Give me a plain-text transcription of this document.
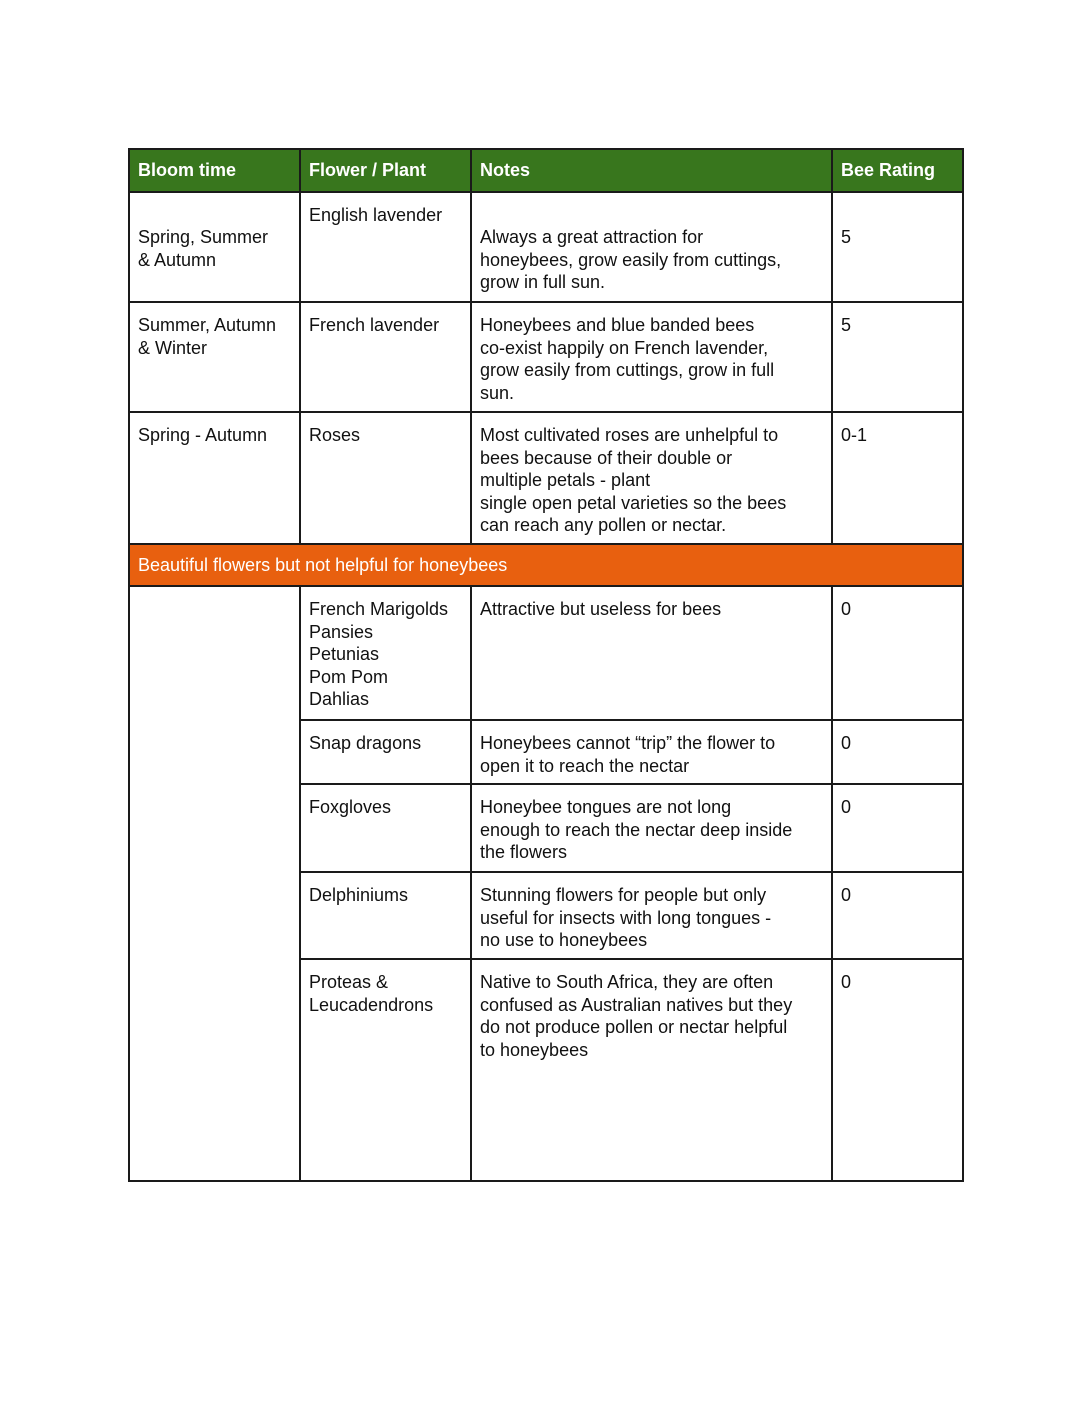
Bloom time	Flower / Plant	Notes	Bee Rating
Spring, Summer
& Autumn	English lavender	Always a great attraction for
honeybees, grow easily from cuttings,
grow in full sun.	5
Summer, Autumn
& Winter	French lavender	Honeybees and blue banded bees
co-exist happily on French lavender,
grow easily from cuttings, grow in full
sun.	5
Spring - Autumn	Roses	Most cultivated roses are unhelpful to
bees because of their double or
multiple petals - plant
single open petal varieties so the bees
can reach any pollen or nectar.	0-1
Beautiful flowers but not helpful for honeybees			
	French Marigolds
Pansies
Petunias
Pom Pom
Dahlias	Attractive but useless for bees	0
	Snap dragons	Honeybees cannot “trip” the flower to
open it to reach the nectar	0
	Foxgloves	Honeybee tongues are not long
enough to reach the nectar deep inside
the flowers	0
	Delphiniums	Stunning flowers for people but only
useful for insects with long tongues -
no use to honeybees	0
	Proteas &
Leucadendrons	Native to South Africa, they are often
confused as Australian natives but they
do not produce pollen or nectar helpful
to honeybees	0
